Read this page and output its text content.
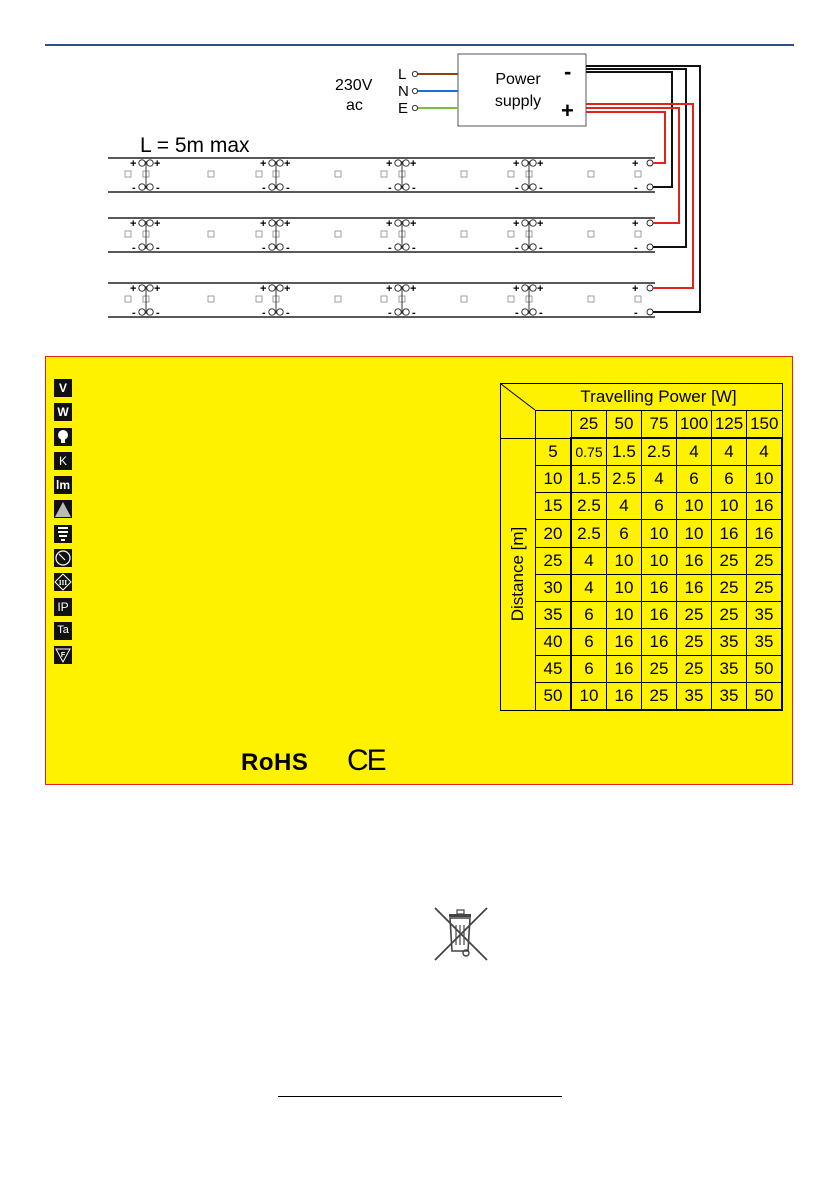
+ +
- -
+ +
- -
+ +
- -
+ +
- -
+
-
+ +
- -
+ +
- -
+ +
- -
+ +
- -
+
-
+ +
- -
+ +
- -
+ +
- -
+ +
- -
+
-
Power
supply
-
+
230V
ac
L
N
E
L = 5m max
V
W
K
lm
III
IP
Ta
F
RoHS CE
	Travelling Power [W]						
		25	50	75	100	125	150

Distance [m]	5	0.75	1.5	2.5	4	4	4
	10	1.5	2.5	4	6	6	10
	15	2.5	4	6	10	10	16
	20	2.5	6	10	10	16	16
	25	4	10	10	16	25	25
	30	4	10	16	16	25	25
	35	6	10	16	25	25	35
	40	6	16	16	25	35	35
	45	6	16	25	25	35	50
	50	10	16	25	35	35	50
